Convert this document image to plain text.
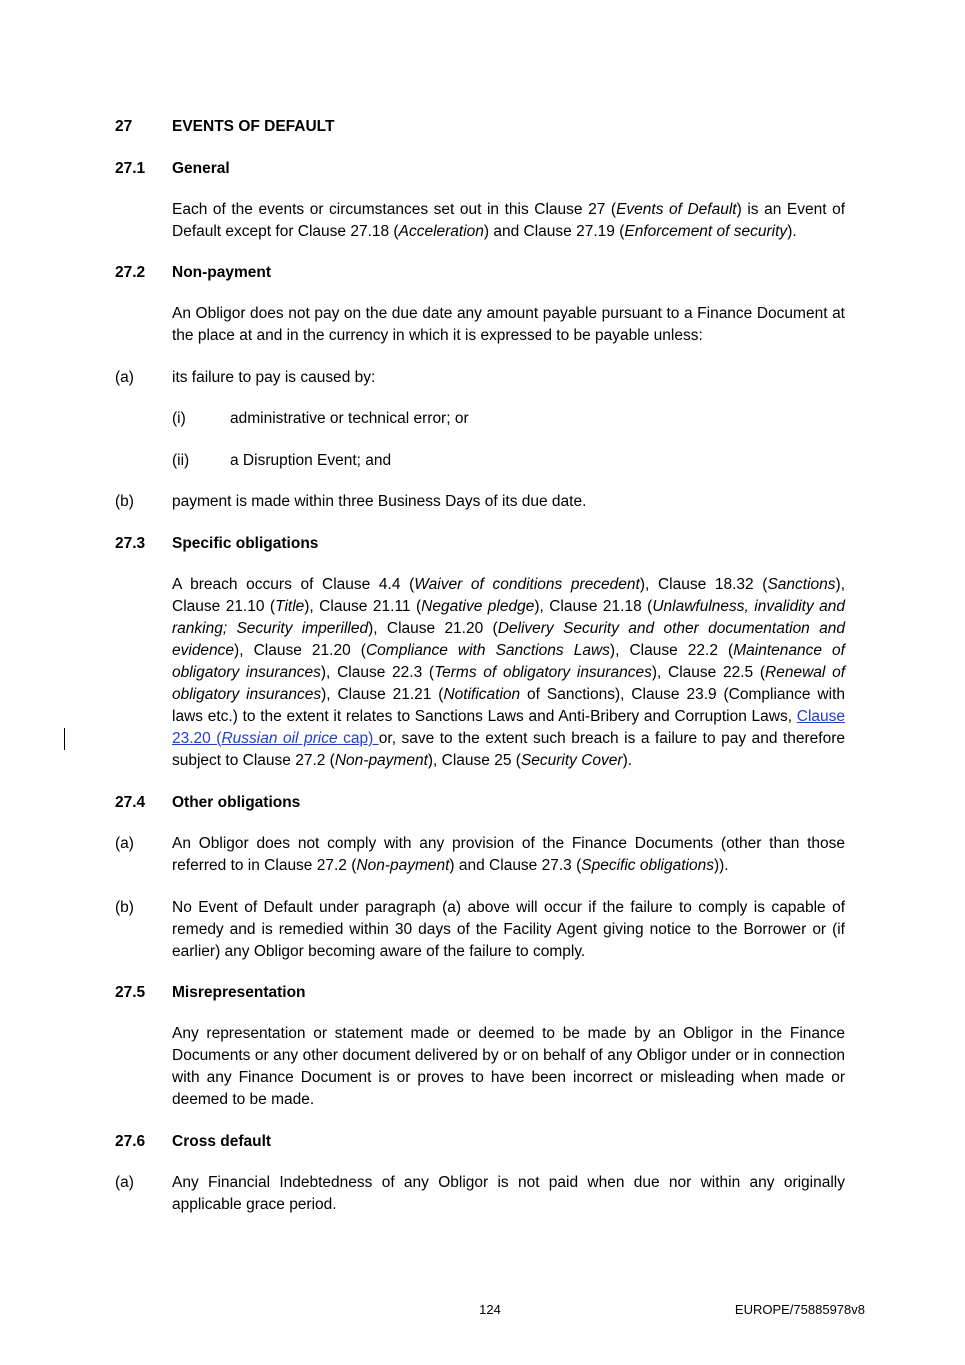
27	EVENTS OF DEFAULT
27.1 General
Each of the events or circumstances set out in this Clause 27 (Events of Default) is an Event of Default except for Clause 27.18 (Acceleration) and Clause 27.19 (Enforcement of security).
27.2 Non-payment
An Obligor does not pay on the due date any amount payable pursuant to a Finance Document at the place at and in the currency in which it is expressed to be payable unless:
(a) its failure to pay is caused by:
(i)	administrative or technical error; or
(ii)	a Disruption Event; and
(b) payment is made within three Business Days of its due date.
27.3 Specific obligations
A breach occurs of Clause 4.4 (Waiver of conditions precedent), Clause 18.32 (Sanctions), Clause 21.10 (Title), Clause 21.11 (Negative pledge), Clause 21.18 (Unlawfulness, invalidity and ranking; Security imperilled), Clause 21.20 (Delivery Security and other documentation and evidence), Clause 21.20 (Compliance with Sanctions Laws), Clause 22.2 (Maintenance of obligatory insurances), Clause 22.3 (Terms of obligatory insurances), Clause 22.5 (Renewal of obligatory insurances), Clause 21.21 (Notification of Sanctions), Clause 23.9 (Compliance with laws etc.) to the extent it relates to Sanctions Laws and Anti-Bribery and Corruption Laws, Clause 23.20 (Russian oil price cap) or, save to the extent such breach is a failure to pay and therefore subject to Clause 27.2 (Non-payment), Clause 25 (Security Cover).
27.4 Other obligations
(a) An Obligor does not comply with any provision of the Finance Documents (other than those referred to in Clause 27.2 (Non-payment) and Clause 27.3 (Specific obligations)).
(b) No Event of Default under paragraph (a) above will occur if the failure to comply is capable of remedy and is remedied within 30 days of the Facility Agent giving notice to the Borrower or (if earlier) any Obligor becoming aware of the failure to comply.
27.5 Misrepresentation
Any representation or statement made or deemed to be made by an Obligor in the Finance Documents or any other document delivered by or on behalf of any Obligor under or in connection with any Finance Document is or proves to have been incorrect or misleading when made or deemed to be made.
27.6 Cross default
(a) Any Financial Indebtedness of any Obligor is not paid when due nor within any originally applicable grace period.
124	EUROPE/75885978v8
